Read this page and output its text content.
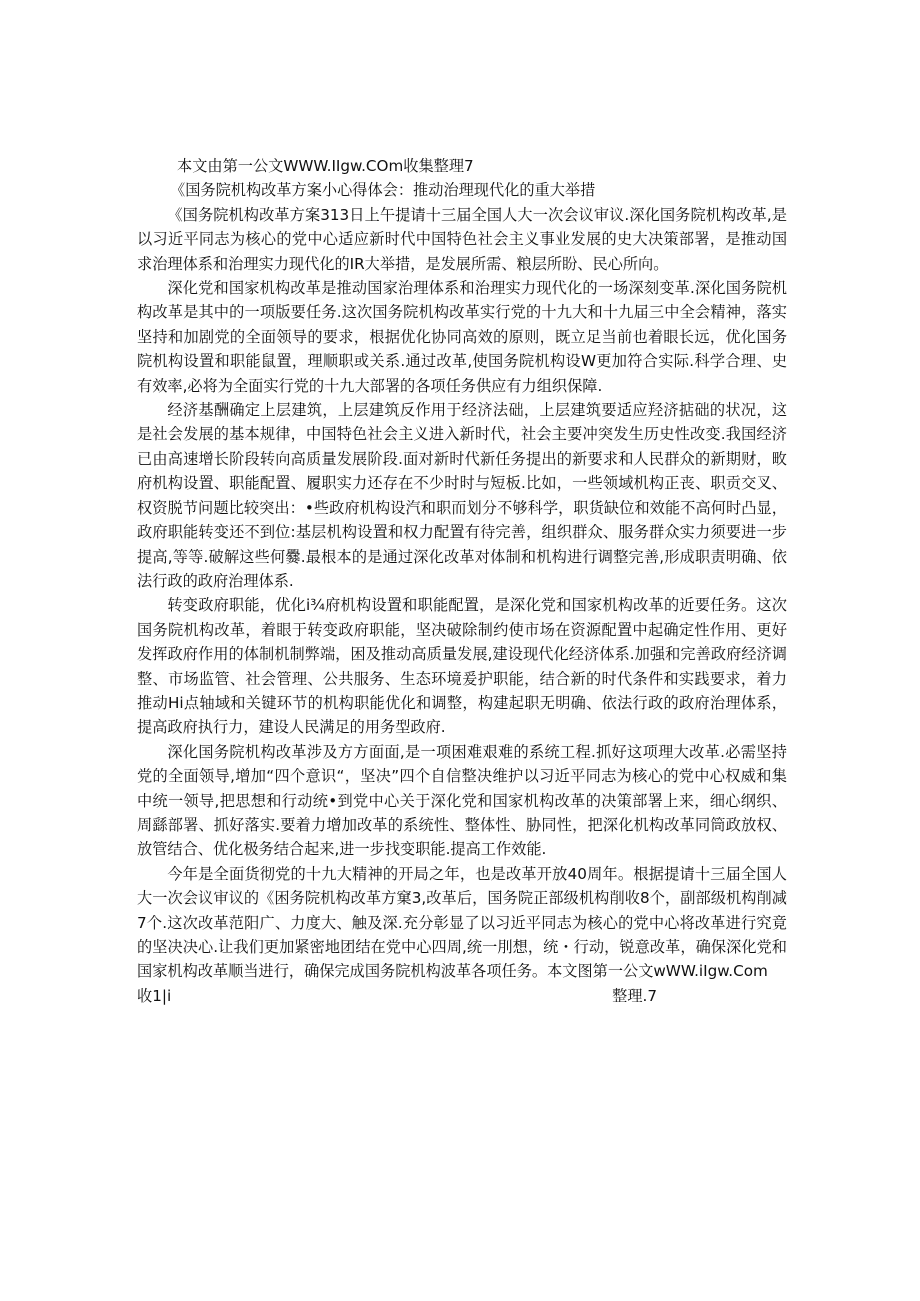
本文由第一公文WWW.IIgw.COm收集整理7

《国务院机构改革方案小心得体会：推动治理现代化的重大举措

《国务院机构改革方案313日上午提请十三届全国人大一次会议审议.深化国务院机构改革,是以习近平同志为核心的党中心适应新时代中国特色社会主义事业发展的史大决策部署，是推动国求治理体系和治理实力现代化的IR大举措，是发展所需、粮层所盼、民心所向。

深化党和国家机构改革是推动国家治理体系和治理实力现代化的一场深刻变革.深化国务院机构改革是其中的一项版要任务.这次国务院机构改革实行党的十九大和十九届三中全会精神，落实坚持和加剧党的全面领导的要求，根据优化协同高效的原则，既立足当前也着眼长远，优化国务院机构设置和职能鼠置，理顺职或关系.通过改革,使国务院机构设W更加符合实际.科学合理、史有效率,必将为全面实行党的十九大部署的各项任务供应有力组织保障.

经济基酬确定上层建筑，上层建筑反作用于经济法础，上层建筑要适应羟济掂础的状况，这是社会发展的基本规律，中国特色社会主义进入新时代，社会主要冲突发生历史性改变.我国经济已由高速增长阶段转向高质量发展阶段.面对新时代新任务提出的新要求和人民群众的新期财，畋府机构设置、职能配置、履职实力还存在不少时时与短板.比如，一些领域机构正丧、职贡交叉、权资脱节问题比较突出：•些政府机构设汽和职而划分不够科学，职货缺位和效能不高何时凸显，政府职能转变还不到位:基层机构设置和权力配置有待完善，组织群众、服务群众实力须要进一步提高,等等.破解这些何爨.最根本的是通过深化改革对体制和机构进行调整完善,形成职责明确、依法行政的政府治理体系.

转变政府职能，优化i¾府机构设置和职能配置，是深化党和国家机构改革的近要任务。这次国务院机构改革，着眼于转变政府职能，坚决破除制约使市场在资源配置中起确定性作用、更好发挥政府作用的体制机制弊端，困及推动高质量发展,建设现代化经济体系.加强和完善政府经济调整、市场监管、社会管理、公共服务、生态环境爰护职能，结合新的时代条件和实践要求，着力推动Hi点轴域和关键环节的机构职能优化和调整，构建起职无明确、依法行政的政府治理体系，提高政府执行力，建设人民满足的用务型政府.

深化国务院机构改革涉及方方面面,是一项困难艰难的系统工程.抓好这项理大改革.必需坚持党的全面领导,增加“四个意识“，坚决”四个自信整决维护以习近平同志为核心的党中心权威和集中统一领导,把思想和行动统•到党中心关于深化党和国家机构改革的决策部署上来，细心纲织、周繇部署、抓好落实.要着力增加改革的系统性、整体性、胁同性，把深化机构改革同筒政放权、放管结合、优化极务结合起来,进一步找变职能.提高工作效能.

今年是全面货彻党的十九大精神的开局之年，也是改革开放40周年。根据提请十三届全国人大一次会议审议的《困务院机构改革方窠3,改革后，国务院正部级机构削收8个，副部级机构削减7个.这次改革范阳广、力度大、触及深.充分彰显了以习近平同志为核心的党中心将改革进行究竟的坚决决心.让我们更加紧密地团结在党中心四周,统一刖想，统・行动，锐意改革，确保深化党和国家机构改革顺当进行，确保完成国务院机构波革各项任务。本文图第一公文wWW.iIgw.Com

收1|i	整理.7
